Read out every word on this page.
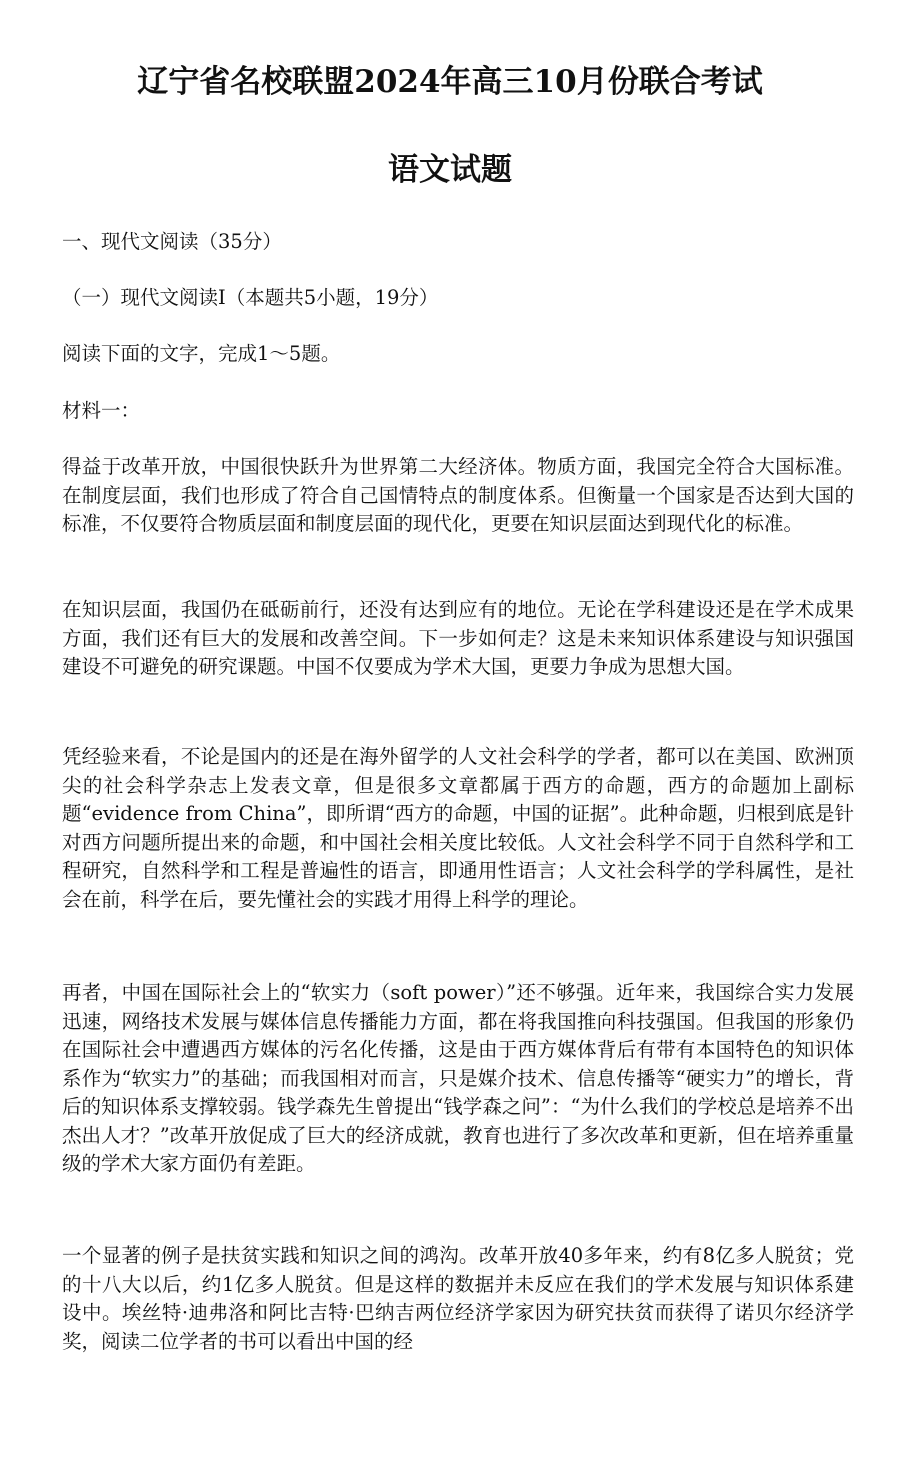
辽宁省名校联盟2024年高三10月份联合考试
语文试题
一、现代文阅读（35分）
（一）现代文阅读Ⅰ（本题共5小题，19分）
阅读下面的文字，完成1～5题。
材料一：
得益于改革开放，中国很快跃升为世界第二大经济体。物质方面，我国完全符合大国标准。在制度层面，我们也形成了符合自己国情特点的制度体系。但衡量一个国家是否达到大国的标准，不仅要符合物质层面和制度层面的现代化，更要在知识层面达到现代化的标准。
在知识层面，我国仍在砥砺前行，还没有达到应有的地位。无论在学科建设还是在学术成果方面，我们还有巨大的发展和改善空间。下一步如何走？这是未来知识体系建设与知识强国建设不可避免的研究课题。中国不仅要成为学术大国，更要力争成为思想大国。
凭经验来看，不论是国内的还是在海外留学的人文社会科学的学者，都可以在美国、欧洲顶尖的社会科学杂志上发表文章，但是很多文章都属于西方的命题，西方的命题加上副标题“evidence from China”，即所谓“西方的命题，中国的证据”。此种命题，归根到底是针对西方问题所提出来的命题，和中国社会相关度比较低。人文社会科学不同于自然科学和工程研究，自然科学和工程是普遍性的语言，即通用性语言；人文社会科学的学科属性，是社会在前，科学在后，要先懂社会的实践才用得上科学的理论。
再者，中国在国际社会上的“软实力（soft power）”还不够强。近年来，我国综合实力发展迅速，网络技术发展与媒体信息传播能力方面，都在将我国推向科技强国。但我国的形象仍在国际社会中遭遇西方媒体的污名化传播，这是由于西方媒体背后有带有本国特色的知识体系作为“软实力”的基础；而我国相对而言，只是媒介技术、信息传播等“硬实力”的增长，背后的知识体系支撑较弱。钱学森先生曾提出“钱学森之问”：“为什么我们的学校总是培养不出杰出人才？”改革开放促成了巨大的经济成就，教育也进行了多次改革和更新，但在培养重量级的学术大家方面仍有差距。
一个显著的例子是扶贫实践和知识之间的鸿沟。改革开放40多年来，约有8亿多人脱贫；党的十八大以后，约1亿多人脱贫。但是这样的数据并未反应在我们的学术发展与知识体系建设中。埃丝特·迪弗洛和阿比吉特·巴纳吉两位经济学家因为研究扶贫而获得了诺贝尔经济学奖，阅读二位学者的书可以看出中国的经
